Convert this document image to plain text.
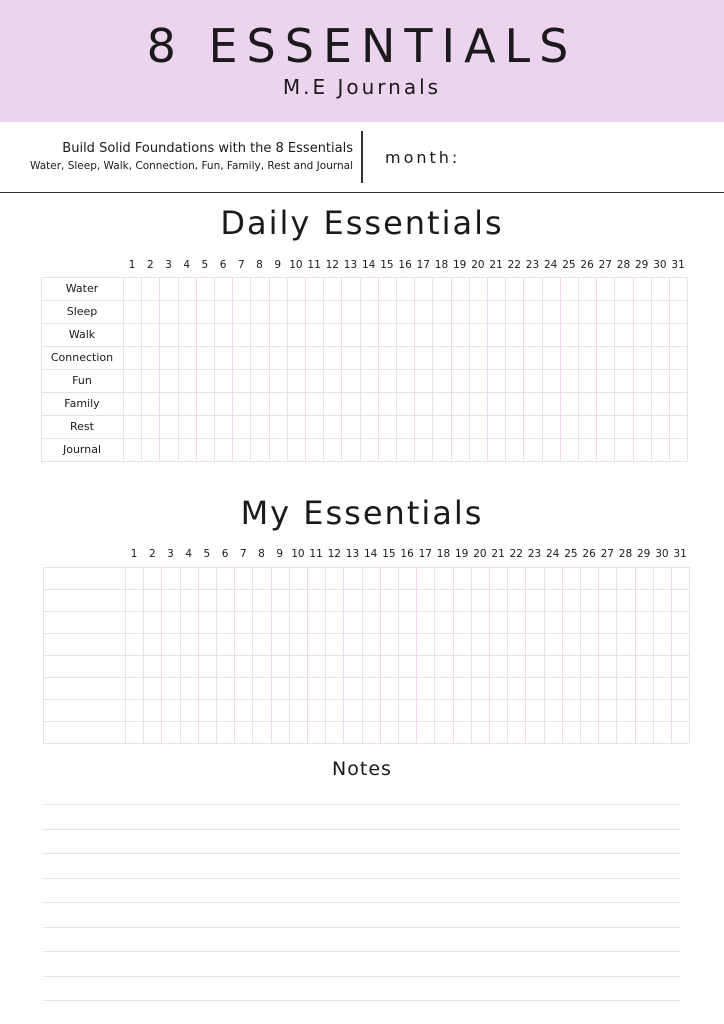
8 ESSENTIALS
M.E Journals
Build Solid Foundations with the 8 Essentials
Water, Sleep, Walk, Connection, Fun, Family, Rest and Journal month:
Daily Essentials
My Essentials
Notes
1	2	3	4	5	6	7	8	9 10 11 12 13 14 15 16 17 18 19 20 21 22 23 24 25 26 27 28 29 30 31
Water
Sleep
Walk
Connection
Fun
Family
Rest
Journal
1	2	3	4	5	6	7	8	9 10 11 12 13 14 15 16 17 18 19 20 21 22 23 24 25 26 27 28 29 30 31
